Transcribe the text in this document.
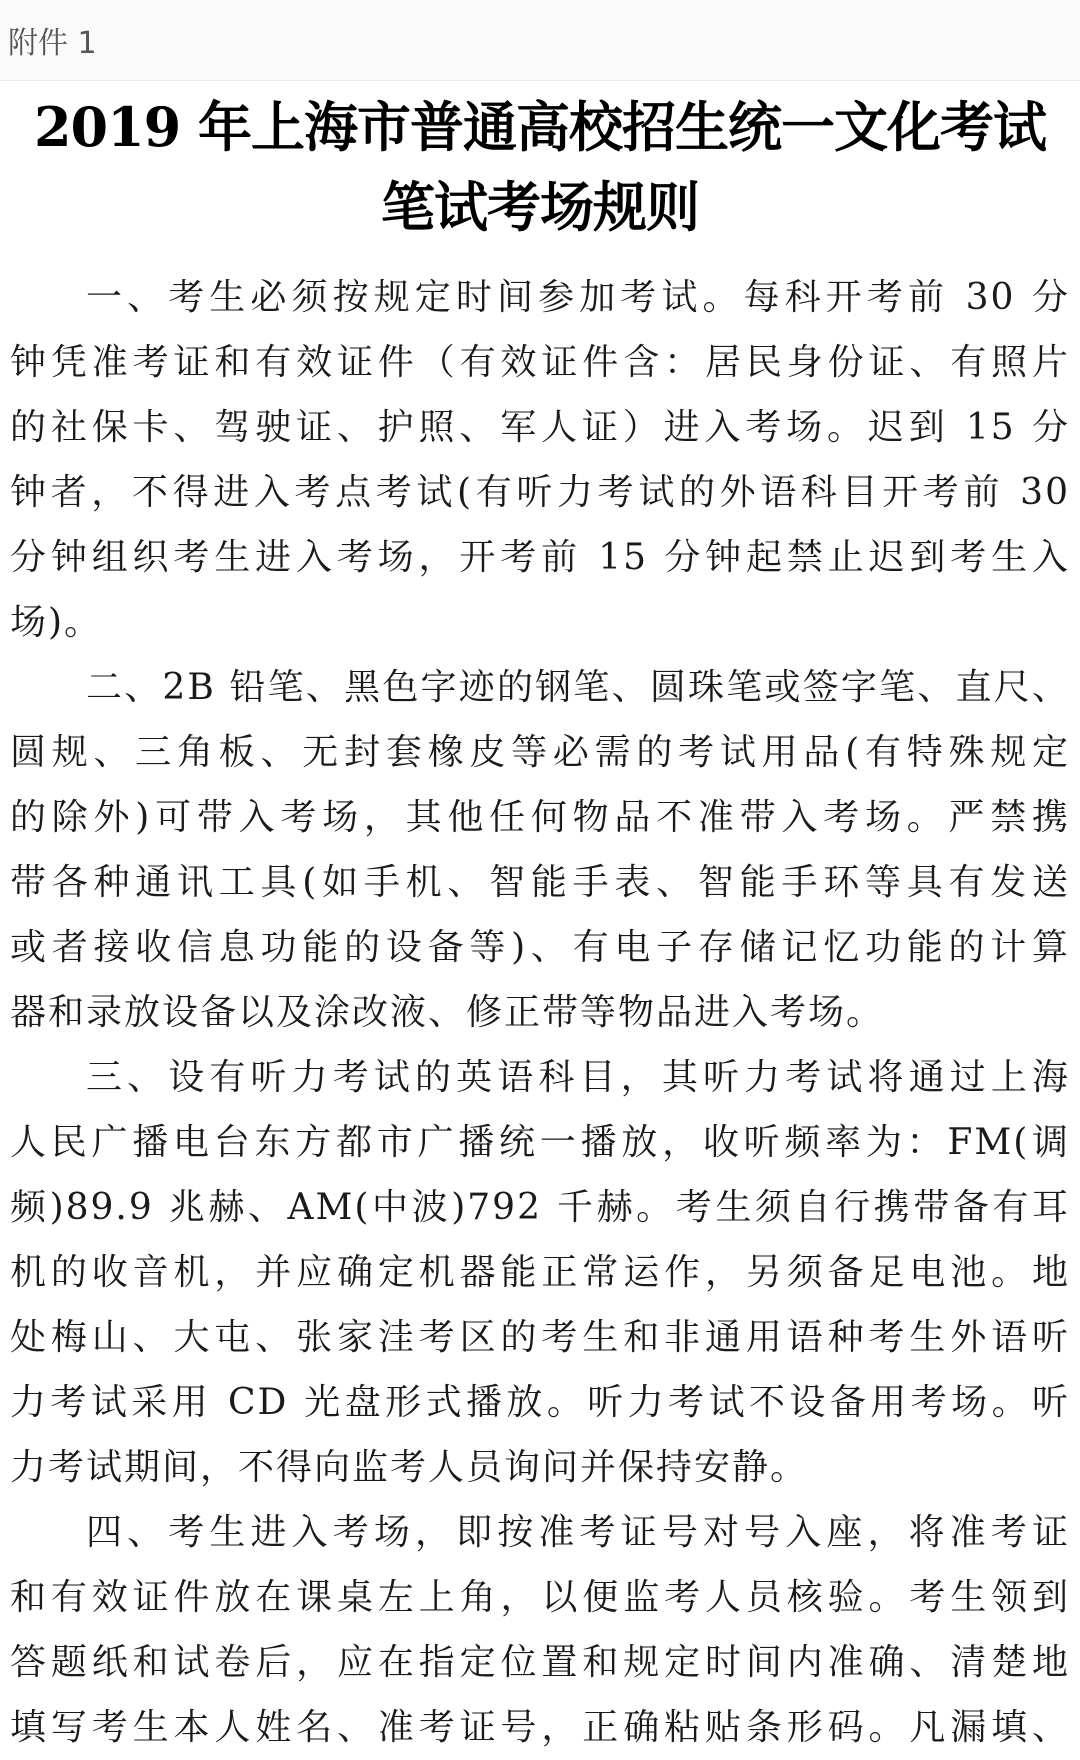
附件 1
2019 年上海市普通高校招生统一文化考试
笔试考场规则
一、考生必须按规定时间参加考试。每科开考前 30 分
钟凭准考证和有效证件（有效证件含：居民身份证、有照片
的社保卡、驾驶证、护照、军人证）进入考场。迟到 15 分
钟者，不得进入考点考试(有听力考试的外语科目开考前 30
分钟组织考生进入考场，开考前 15 分钟起禁止迟到考生入
场)。
二、2B 铅笔、黑色字迹的钢笔、圆珠笔或签字笔、直尺、
圆规、三角板、无封套橡皮等必需的考试用品(有特殊规定
的除外)可带入考场，其他任何物品不准带入考场。严禁携
带各种通讯工具(如手机、智能手表、智能手环等具有发送
或者接收信息功能的设备等)、有电子存储记忆功能的计算
器和录放设备以及涂改液、修正带等物品进入考场。
三、设有听力考试的英语科目，其听力考试将通过上海
人民广播电台东方都市广播统一播放，收听频率为：FM(调
频)89.9 兆赫、AM(中波)792 千赫。考生须自行携带备有耳
机的收音机，并应确定机器能正常运作，另须备足电池。地
处梅山、大屯、张家洼考区的考生和非通用语种考生外语听
力考试采用 CD 光盘形式播放。听力考试不设备用考场。听
力考试期间，不得向监考人员询问并保持安静。
四、考生进入考场，即按准考证号对号入座，将准考证
和有效证件放在课桌左上角，以便监考人员核验。考生领到
答题纸和试卷后，应在指定位置和规定时间内准确、清楚地
填写考生本人姓名、准考证号，正确粘贴条形码。凡漏填、
